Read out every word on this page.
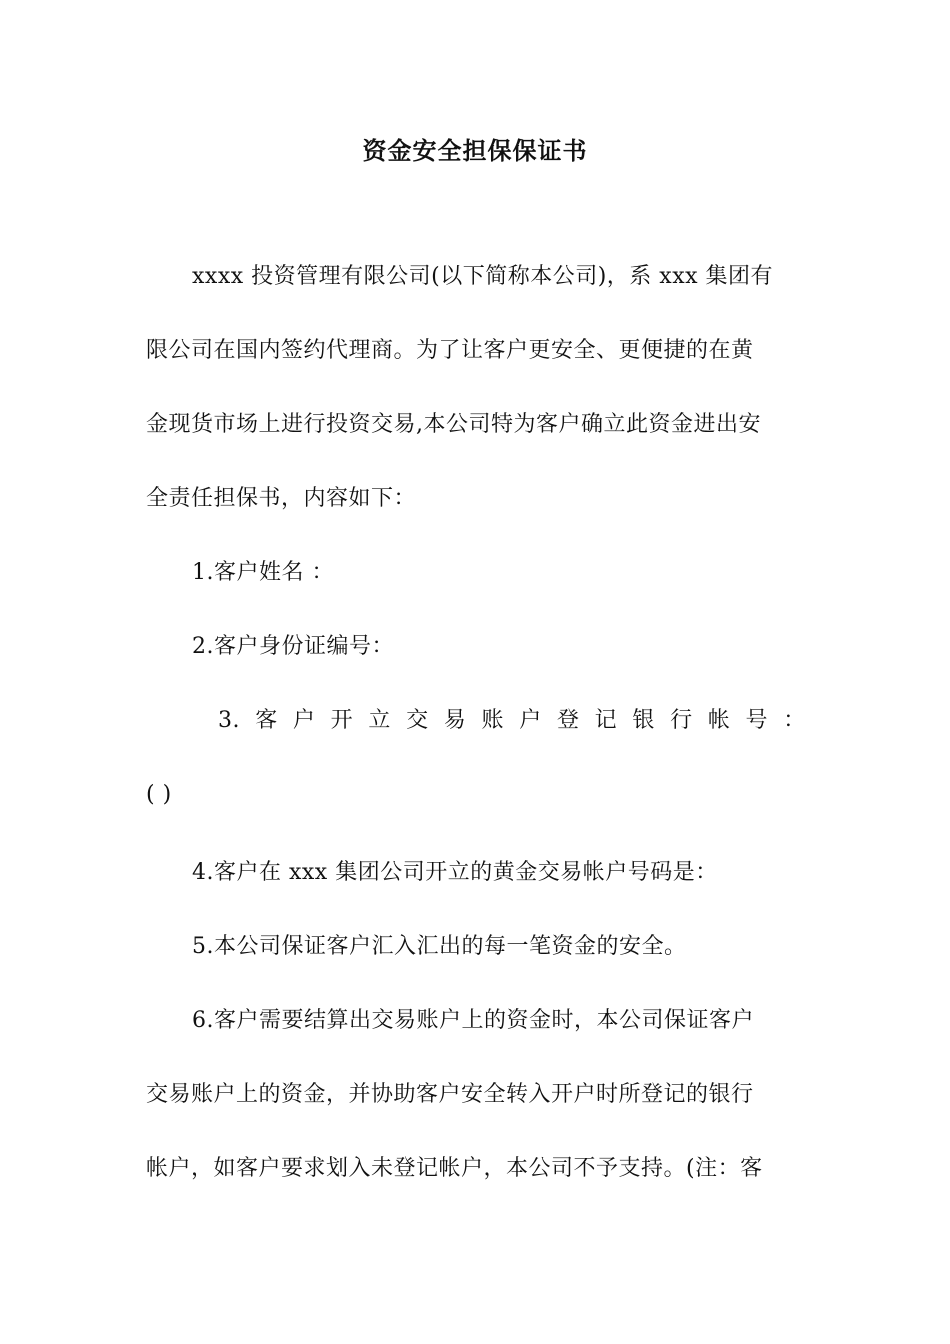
资金安全担保保证书
xxxx 投资管理有限公司(以下简称本公司)，系 xxx 集团有
限公司在国内签约代理商。为了让客户更安全、更便捷的在黄
金现货市场上进行投资交易,本公司特为客户确立此资金进出安
全责任担保书，内容如下：
1.客户姓名 ：
2.客户身份证编号：
3. 客 户 开 立 交 易 账 户 登 记 银 行 帐 号 ：
( )
4.客户在 xxx 集团公司开立的黄金交易帐户号码是：
5.本公司保证客户汇入汇出的每一笔资金的安全。
6.客户需要结算出交易账户上的资金时，本公司保证客户
交易账户上的资金，并协助客户安全转入开户时所登记的银行
帐户，如客户要求划入未登记帐户，本公司不予支持。(注：客
